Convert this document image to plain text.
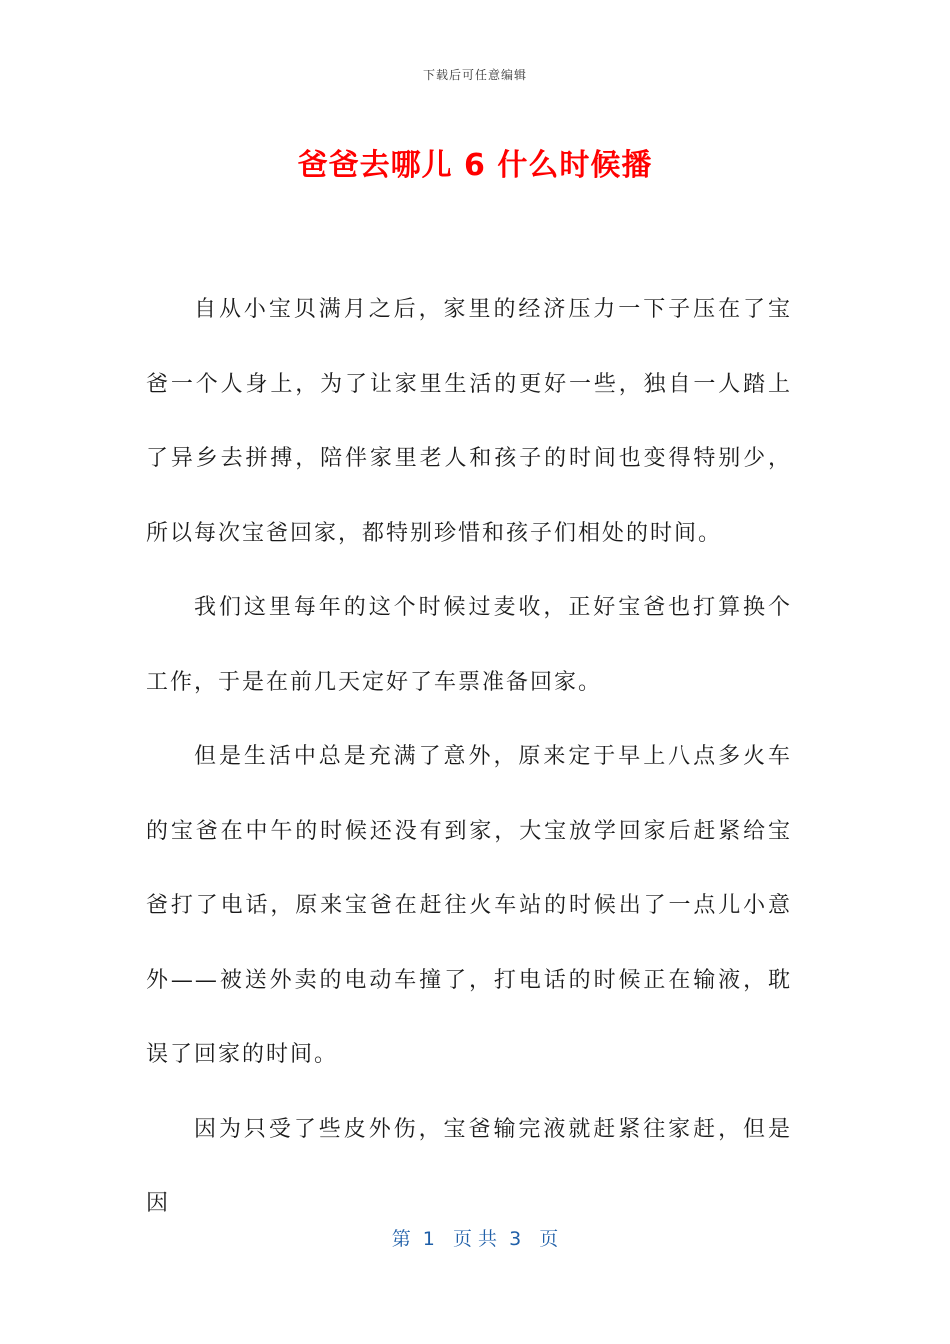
下载后可任意编辑
爸爸去哪儿 6 什么时候播

自从小宝贝满月之后，家里的经济压力一下子压在了宝爸一个人身上，为了让家里生活的更好一些，独自一人踏上了异乡去拼搏，陪伴家里老人和孩子的时间也变得特别少，所以每次宝爸回家，都特别珍惜和孩子们相处的时间。

我们这里每年的这个时候过麦收，正好宝爸也打算换个工作，于是在前几天定好了车票准备回家。

但是生活中总是充满了意外，原来定于早上八点多火车的宝爸在中午的时候还没有到家，大宝放学回家后赶紧给宝爸打了电话，原来宝爸在赶往火车站的时候出了一点儿小意外——被送外卖的电动车撞了，打电话的时候正在输液，耽误了回家的时间。

因为只受了些皮外伤，宝爸输完液就赶紧往家赶，但是因

第  1   页 共  3   页
